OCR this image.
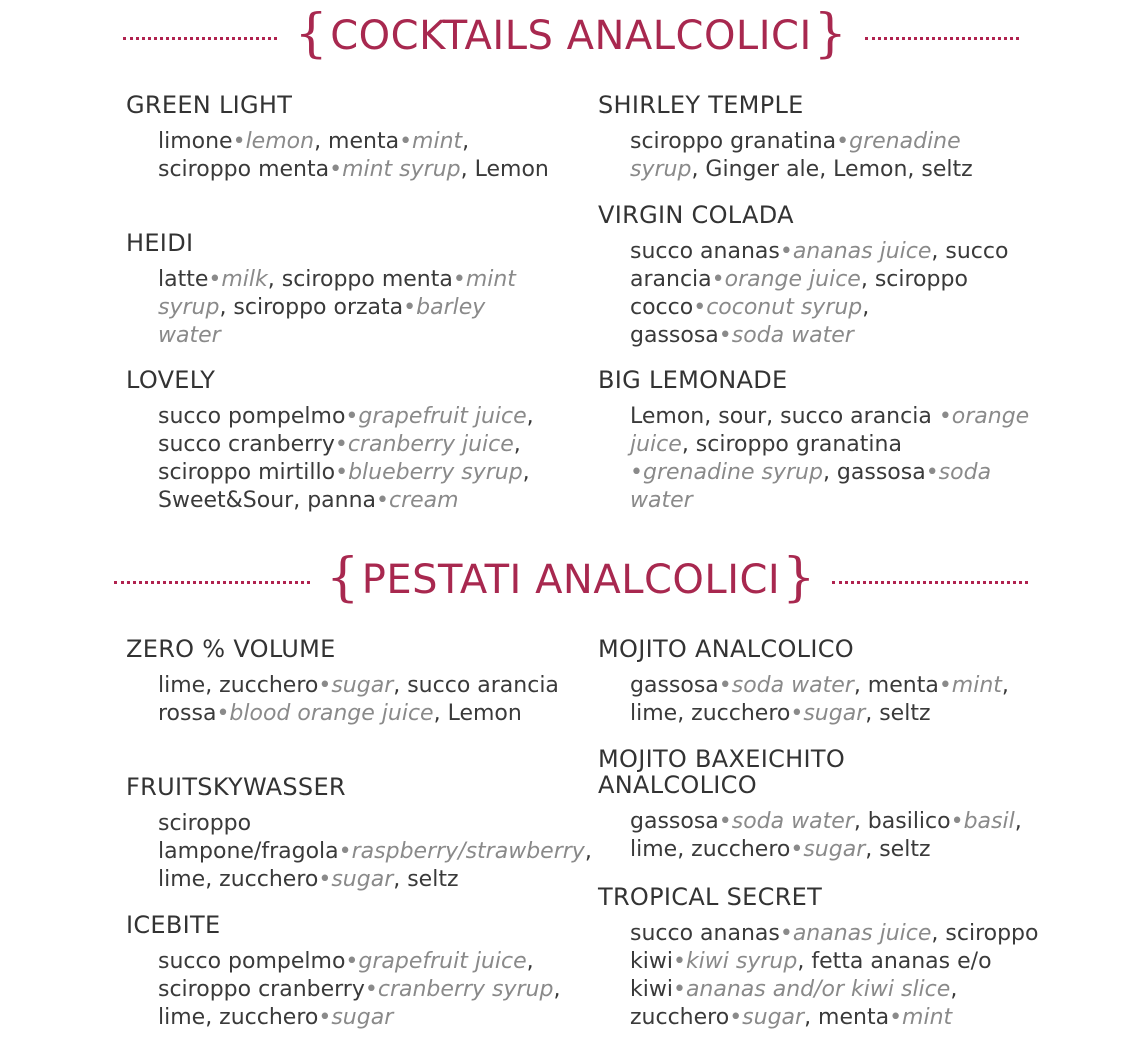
{ COCKTAILS ANALCOLICI }
GREEN LIGHT
limone•lemon, menta•mint, sciroppo menta•mint syrup, Lemon
HEIDI
latte•milk, sciroppo menta•mint syrup, sciroppo orzata•barley water
LOVELY
succo pompelmo•grapefruit juice, succo cranberry•cranberry juice, sciroppo mirtillo•blueberry syrup, Sweet&Sour, panna•cream
SHIRLEY TEMPLE
sciroppo granatina•grenadine syrup, Ginger ale, Lemon, seltz
VIRGIN COLADA
succo ananas•ananas juice, succo arancia•orange juice, sciroppo cocco•coconut syrup, gassosa•soda water
BIG LEMONADE
Lemon, sour, succo arancia •orange juice, sciroppo granatina •grenadine syrup, gassosa•soda water
{ PESTATI ANALCOLICI }
ZERO % VOLUME
lime, zucchero•sugar, succo arancia rossa•blood orange juice, Lemon
FRUITSKYWASSER
sciroppo lampone/fragola•raspberry/strawberry, lime, zucchero•sugar, seltz
ICEBITE
succo pompelmo•grapefruit juice, sciroppo cranberry•cranberry syrup, lime, zucchero•sugar
MOJITO ANALCOLICO
gassosa•soda water, menta•mint, lime, zucchero•sugar, seltz
MOJITO BAXEICHITO ANALCOLICO
gassosa•soda water, basilico•basil, lime, zucchero•sugar, seltz
TROPICAL SECRET
succo ananas•ananas juice, sciroppo kiwi•kiwi syrup, fetta ananas e/o kiwi•ananas and/or kiwi slice, zucchero•sugar, menta•mint
